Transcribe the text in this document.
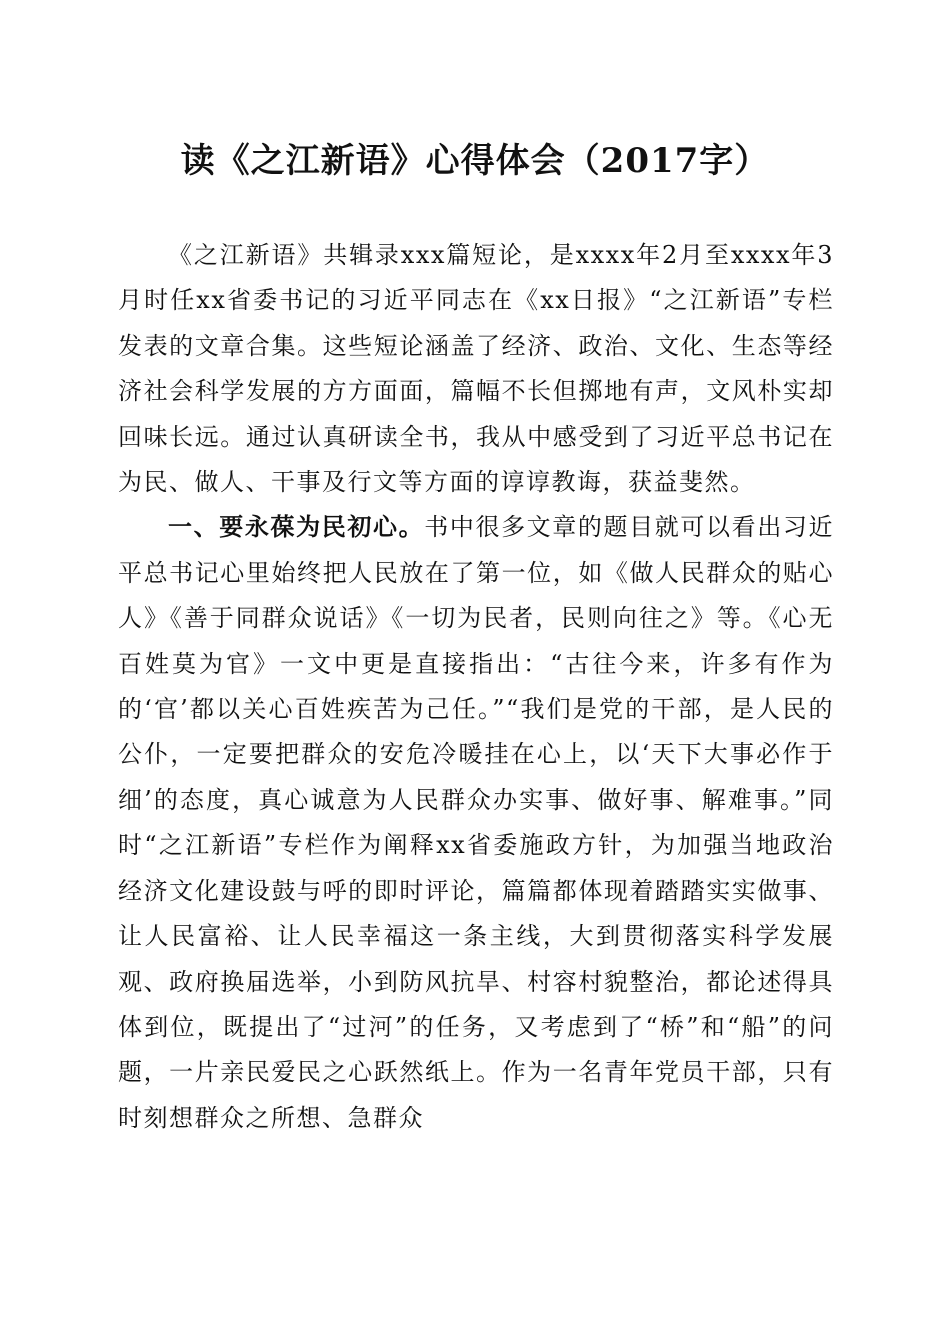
读《之江新语》心得体会（2017字）

《之江新语》共辑录xxx篇短论，是xxxx年2月至xxxx年3月时任xx省委书记的习近平同志在《xx日报》“之江新语”专栏发表的文章合集。这些短论涵盖了经济、政治、文化、生态等经济社会科学发展的方方面面，篇幅不长但掷地有声，文风朴实却回味长远。通过认真研读全书，我从中感受到了习近平总书记在为民、做人、干事及行文等方面的谆谆教诲，获益斐然。

一、要永葆为民初心。书中很多文章的题目就可以看出习近平总书记心里始终把人民放在了第一位，如《做人民群众的贴心人》《善于同群众说话》《一切为民者，民则向往之》等。《心无百姓莫为官》一文中更是直接指出：“古往今来，许多有作为的‘官’都以关心百姓疾苦为己任。”“我们是党的干部，是人民的公仆，一定要把群众的安危冷暖挂在心上，以‘天下大事必作于细’的态度，真心诚意为人民群众办实事、做好事、解难事。”同时“之江新语”专栏作为阐释xx省委施政方针，为加强当地政治经济文化建设鼓与呼的即时评论，篇篇都体现着踏踏实实做事、让人民富裕、让人民幸福这一条主线，大到贯彻落实科学发展观、政府换届选举，小到防风抗旱、村容村貌整治，都论述得具体到位，既提出了“过河”的任务，又考虑到了“桥”和“船”的问题，一片亲民爱民之心跃然纸上。作为一名青年党员干部，只有时刻想群众之所想、急群众
